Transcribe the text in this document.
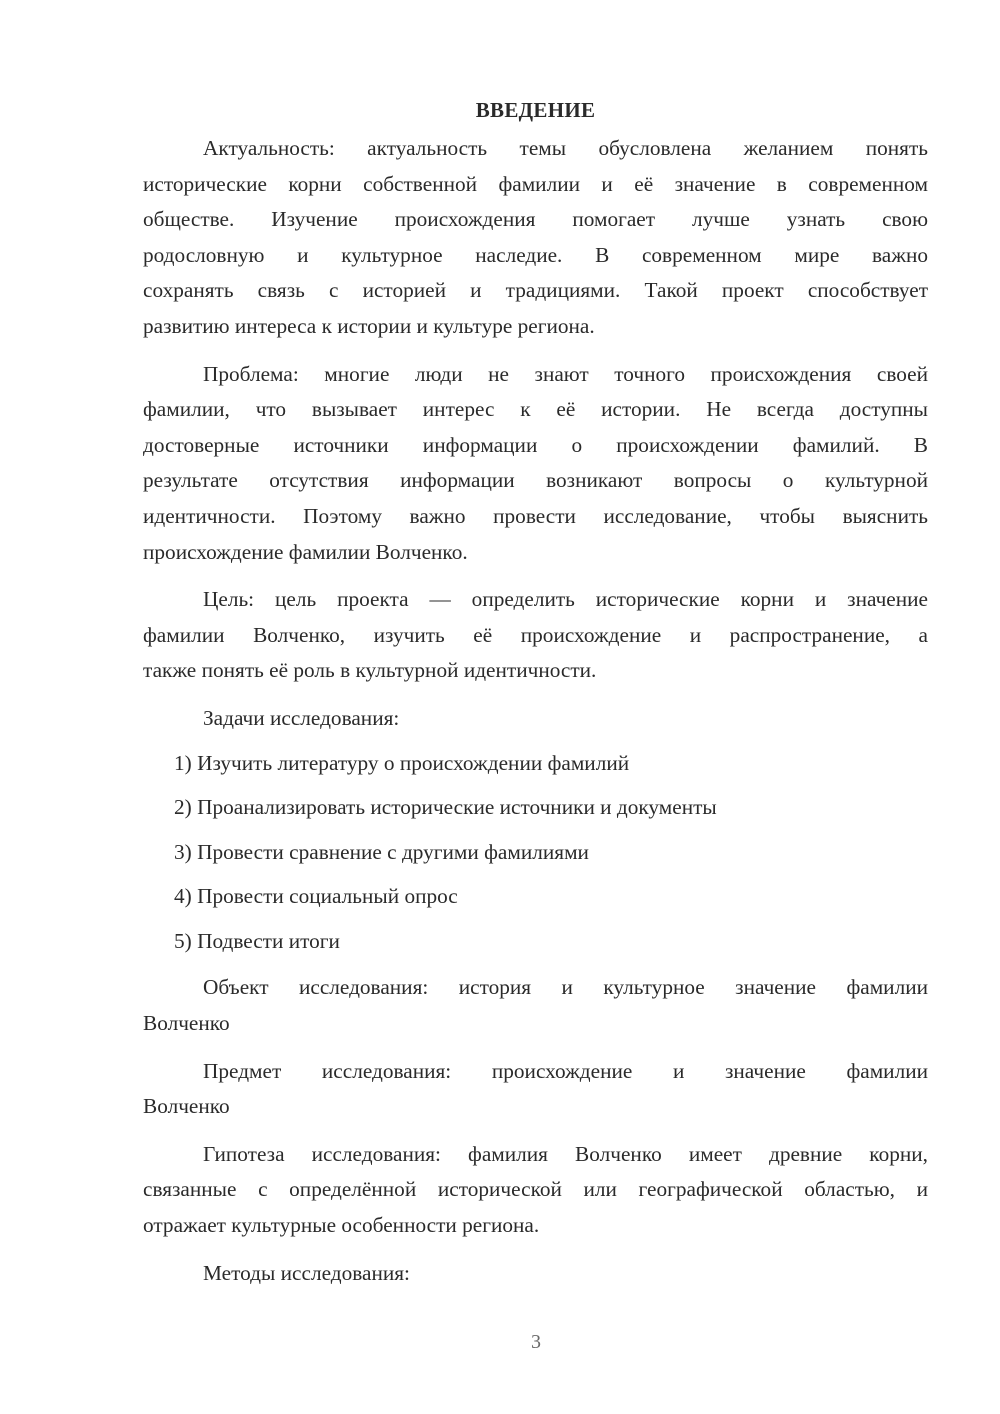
ВВЕДЕНИЕ
Актуальность: актуальность темы обусловлена желанием понять
исторические корни собственной фамилии и её значение в современном
обществе. Изучение происхождения помогает лучше узнать свою
родословную и культурное наследие. В современном мире важно
сохранять связь с историей и традициями. Такой проект способствует
развитию интереса к истории и культуре региона.
Проблема: многие люди не знают точного происхождения своей
фамилии, что вызывает интерес к её истории. Не всегда доступны
достоверные источники информации о происхождении фамилий. В
результате отсутствия информации возникают вопросы о культурной
идентичности. Поэтому важно провести исследование, чтобы выяснить
происхождение фамилии Волченко.
Цель: цель проекта — определить исторические корни и значение
фамилии Волченко, изучить её происхождение и распространение, а
также понять её роль в культурной идентичности.
Задачи исследования:
1) Изучить литературу о происхождении фамилий
2) Проанализировать исторические источники и документы
3) Провести сравнение с другими фамилиями
4) Провести социальный опрос
5) Подвести итоги
Объект исследования: история и культурное значение фамилии
Волченко
Предмет исследования: происхождение и значение фамилии
Волченко
Гипотеза исследования: фамилия Волченко имеет древние корни,
связанные с определённой исторической или географической областью, и
отражает культурные особенности региона.
Методы исследования:
3
